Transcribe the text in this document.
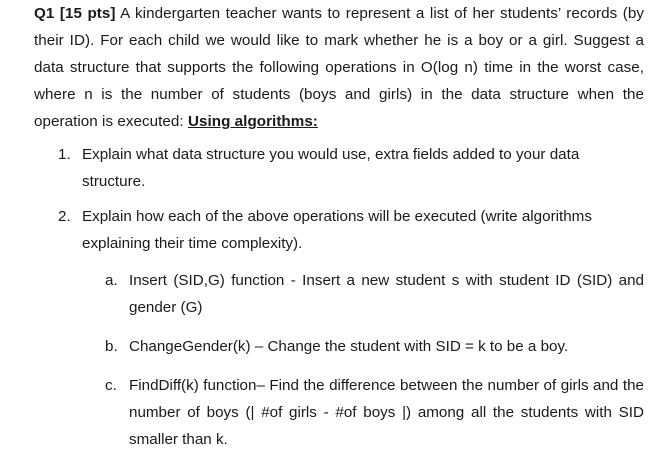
Q1 [15 pts] A kindergarten teacher wants to represent a list of her students’ records (by their ID). For each child we would like to mark whether he is a boy or a girl. Suggest a data structure that supports the following operations in O(log n) time in the worst case, where n is the number of students (boys and girls) in the data structure when the operation is executed: Using algorithms:

1. Explain what data structure you would use, extra fields added to your data structure.
2. Explain how each of the above operations will be executed (write algorithms explaining their time complexity).
a. Insert (SID,G) function - Insert a new student s with student ID (SID) and gender (G)
b. ChangeGender(k) – Change the student with SID = k to be a boy.
c. FindDiff(k) function– Find the difference between the number of girls and the number of boys (| #of girls - #of boys |) among all the students with SID smaller than k.
